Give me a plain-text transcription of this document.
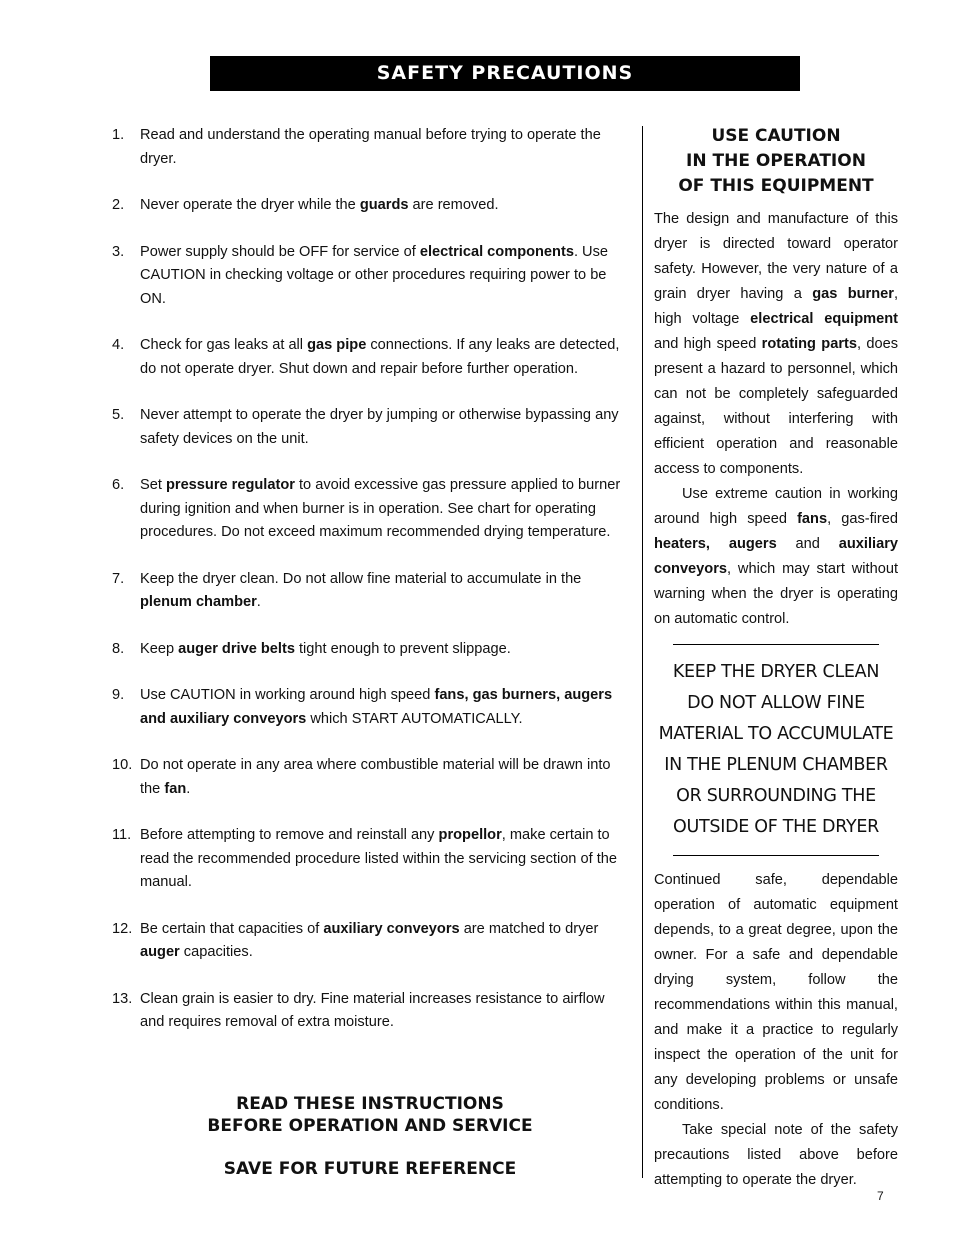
SAFETY PRECAUTIONS
1.	Read and understand the operating manual before trying to operate the dryer.
2.	Never operate the dryer while the guards are removed.
3.	Power supply should be OFF for service of electrical components. Use CAUTION in checking voltage or other procedures requiring power to be ON.
4.	Check for gas leaks at all gas pipe connections. If any leaks are detected, do not operate dryer. Shut down and repair before further operation.
5.	Never attempt to operate the dryer by jumping or otherwise bypassing any safety devices on the unit.
6.	Set pressure regulator to avoid excessive gas pressure applied to burner during ignition and when burner is in operation. See chart for operating procedures. Do not exceed maximum recommended drying temperature.
7.	Keep the dryer clean. Do not allow fine material to accumulate in the plenum chamber.
8.	Keep auger drive belts tight enough to prevent slippage.
9.	Use CAUTION in working around high speed fans, gas burners, augers and auxiliary conveyors which START AUTOMATICALLY.
10. Do not operate in any area where combustible material will be drawn into the fan.
11. Before attempting to remove and reinstall any propellor, make certain to read the recommended procedure listed within the servicing section of the manual.
12. Be certain that capacities of auxiliary conveyors are matched to dryer auger capacities.
13. Clean grain is easier to dry. Fine material increases resistance to airflow and requires removal of extra moisture.
READ THESE INSTRUCTIONS
BEFORE OPERATION AND SERVICE
SAVE FOR FUTURE REFERENCE
USE CAUTION
IN THE OPERATION
OF THIS EQUIPMENT
The design and manufacture of this dryer is directed toward operator safety. However, the very nature of a grain dryer having a gas burner, high voltage electrical equipment and high speed rotating parts, does present a hazard to personnel, which can not be completely safeguarded against, without interfering with efficient operation and reasonable access to components.
Use extreme caution in working around high speed fans, gas-fired heaters, augers and auxiliary conveyors, which may start without warning when the dryer is operating on automatic control.
KEEP THE DRYER CLEAN
DO NOT ALLOW FINE
MATERIAL TO ACCUMULATE
IN THE PLENUM CHAMBER
OR SURROUNDING THE
OUTSIDE OF THE DRYER
Continued safe, dependable operation of automatic equipment depends, to a great degree, upon the owner. For a safe and dependable drying system, follow the recommendations within this manual, and make it a practice to regularly inspect the operation of the unit for any developing problems or unsafe conditions.
Take special note of the safety precautions listed above before attempting to operate the dryer.
7
